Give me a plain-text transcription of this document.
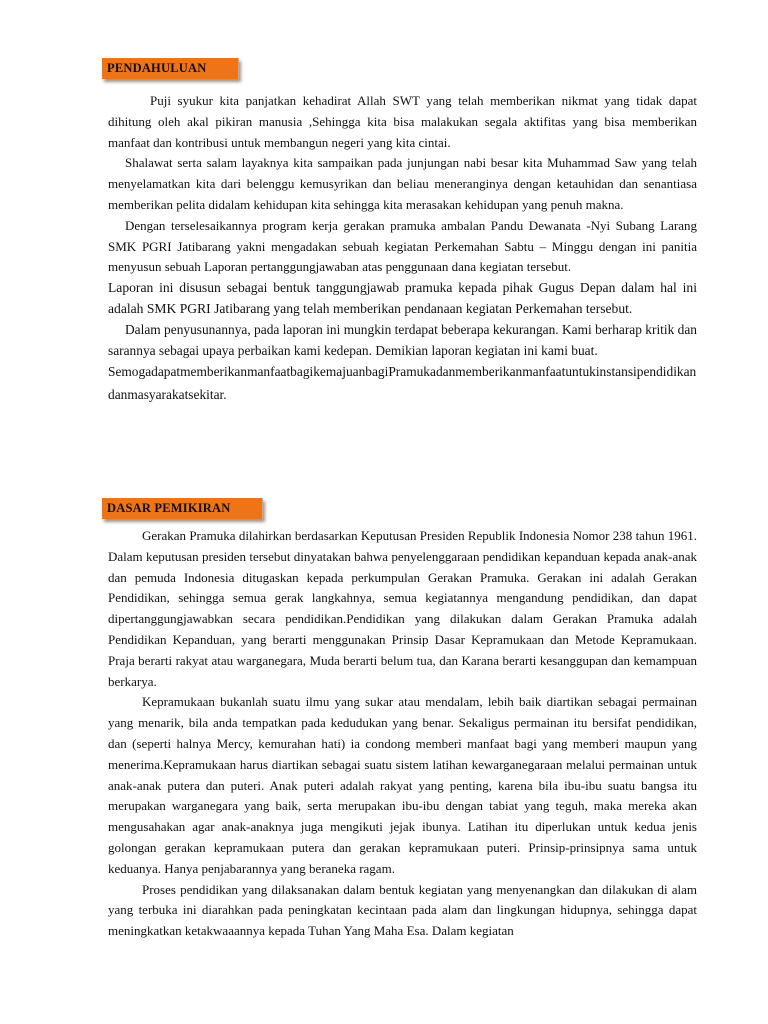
PENDAHULUAN

Puji syukur kita panjatkan kehadirat Allah SWT yang telah memberikan nikmat yang tidak dapat dihitung oleh akal pikiran manusia ,Sehingga kita bisa malakukan segala aktifitas yang bisa memberikan manfaat dan kontribusi untuk membangun negeri yang kita cintai.

Shalawat serta salam layaknya kita sampaikan pada junjungan nabi besar kita Muhammad Saw yang telah menyelamatkan kita dari belenggu kemusyrikan dan beliau meneranginya dengan ketauhidan dan senantiasa memberikan pelita didalam kehidupan kita sehingga kita merasakan kehidupan yang penuh makna.

Dengan terselesaikannya program kerja gerakan pramuka ambalan Pandu Dewanata -Nyi Subang Larang SMK PGRI Jatibarang yakni mengadakan sebuah kegiatan Perkemahan Sabtu – Minggu dengan ini panitia menyusun sebuah Laporan pertanggungjawaban atas penggunaan dana kegiatan tersebut.

Laporan ini disusun sebagai bentuk tanggungjawab pramuka kepada pihak Gugus Depan dalam hal ini adalah SMK PGRI Jatibarang yang telah memberikan pendanaan kegiatan Perkemahan tersebut.

Dalam penyusunannya, pada laporan ini mungkin terdapat beberapa kekurangan. Kami berharap kritik dan sarannya sebagai upaya perbaikan kami kedepan. Demikian laporan kegiatan ini kami buat.

SemogadapatmemberikanmanfaatbagikemajuanbagiPramukadanmemberikanmanfaatuntukinstansipendidikandanmasyarakatsekitar.

DASAR PEMIKIRAN

Gerakan Pramuka dilahirkan berdasarkan Keputusan Presiden Republik Indonesia Nomor 238 tahun 1961. Dalam keputusan presiden tersebut dinyatakan bahwa penyelenggaraan pendidikan kepanduan kepada anak-anak dan pemuda Indonesia ditugaskan kepada perkumpulan Gerakan Pramuka. Gerakan ini adalah Gerakan Pendidikan, sehingga semua gerak langkahnya, semua kegiatannya mengandung pendidikan, dan dapat dipertanggungjawabkan secara pendidikan.Pendidikan yang dilakukan dalam Gerakan Pramuka adalah Pendidikan Kepanduan, yang berarti menggunakan Prinsip Dasar Kepramukaan dan Metode Kepramukaan. Praja berarti rakyat atau warganegara, Muda berarti belum tua, dan Karana berarti kesanggupan dan kemampuan berkarya.

Kepramukaan bukanlah suatu ilmu yang sukar atau mendalam, lebih baik diartikan sebagai permainan yang menarik, bila anda tempatkan pada kedudukan yang benar. Sekaligus permainan itu bersifat pendidikan, dan (seperti halnya Mercy, kemurahan hati) ia condong memberi manfaat bagi yang memberi maupun yang menerima.Kepramukaan harus diartikan sebagai suatu sistem latihan kewarganegaraan melalui permainan untuk anak-anak putera dan puteri. Anak puteri adalah rakyat yang penting, karena bila ibu-ibu suatu bangsa itu merupakan warganegara yang baik, serta merupakan ibu-ibu dengan tabiat yang teguh, maka mereka akan mengusahakan agar anak-anaknya juga mengikuti jejak ibunya. Latihan itu diperlukan untuk kedua jenis golongan gerakan kepramukaan putera dan gerakan kepramukaan puteri. Prinsip-prinsipnya sama untuk keduanya. Hanya penjabarannya yang beraneka ragam.

Proses pendidikan yang dilaksanakan dalam bentuk kegiatan yang menyenangkan dan dilakukan di alam yang terbuka ini diarahkan pada peningkatan kecintaan pada alam dan lingkungan hidupnya, sehingga dapat meningkatkan ketakwaaannya kepada Tuhan Yang Maha Esa. Dalam kegiatan
